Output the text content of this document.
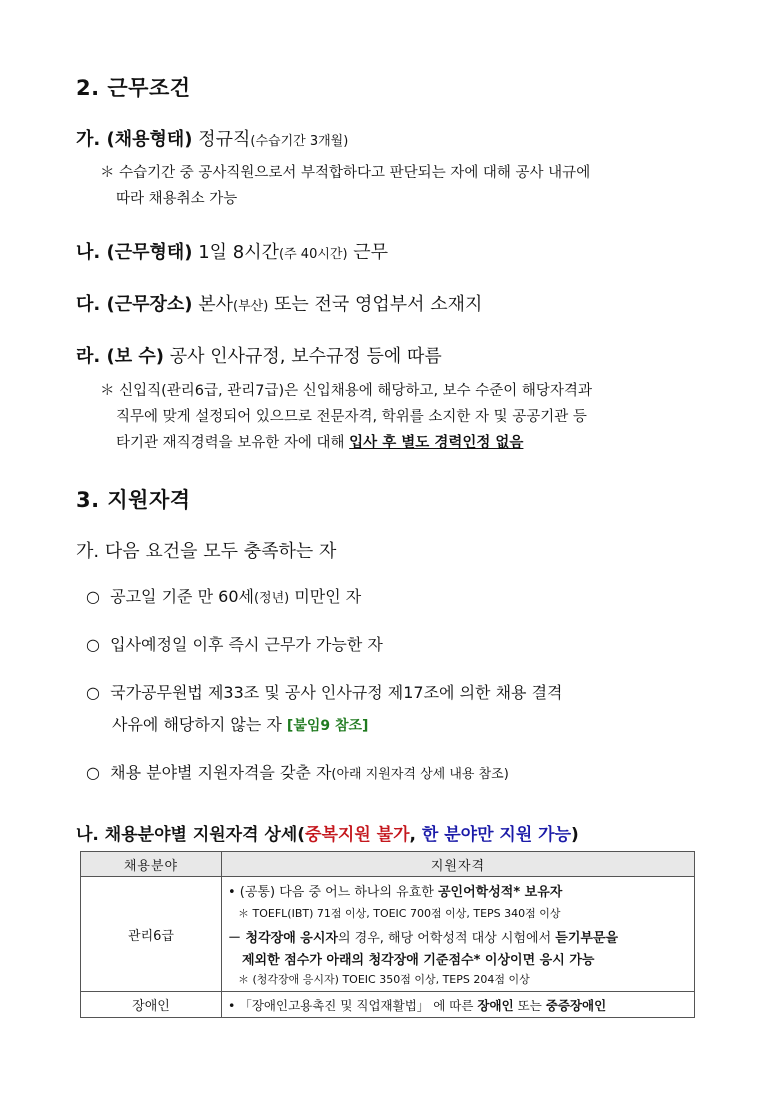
2. 근무조건
가. (채용형태) 정규직(수습기간 3개월)
＊ 수습기간 중 공사직원으로서 부적합하다고 판단되는 자에 대해 공사 내규에
따라 채용취소 가능
나. (근무형태) 1일 8시간(주 40시간) 근무
다. (근무장소) 본사(부산) 또는 전국 영업부서 소재지
라. (보 수) 공사 인사규정, 보수규정 등에 따름
＊ 신입직(관리6급, 관리7급)은 신입채용에 해당하고, 보수 수준이 해당자격과
직무에 맞게 설정되어 있으므로 전문자격, 학위를 소지한 자 및 공공기관 등
타기관 재직경력을 보유한 자에 대해 입사 후 별도 경력인정 없음
3. 지원자격
가. 다음 요건을 모두 충족하는 자
○ 공고일 기준 만 60세(정년) 미만인 자
○ 입사예정일 이후 즉시 근무가 가능한 자
○ 국가공무원법 제33조 및 공사 인사규정 제17조에 의한 채용 결격
사유에 해당하지 않는 자 [붙임9 참조]
○ 채용 분야별 지원자격을 갖춘 자(아래 지원자격 상세 내용 참조)
나. 채용분야별 지원자격 상세(중복지원 불가, 한 분야만 지원 가능)
채용분야	지원자격
관리6급	• (공통) 다음 중 어느 하나의 유효한 공인어학성적* 보유자
＊ TOEFL(IBT) 71점 이상, TOEIC 700점 이상, TEPS 340점 이상
－ 청각장애 응시자의 경우, 해당 어학성적 대상 시험에서 듣기부문을
제외한 점수가 아래의 청각장애 기준점수* 이상이면 응시 가능
＊ (청각장애 응시자) TOEIC 350점 이상, TEPS 204점 이상

장애인	• 「장애인고용촉진 및 직업재활법」 에 따른 장애인 또는 중증장애인
